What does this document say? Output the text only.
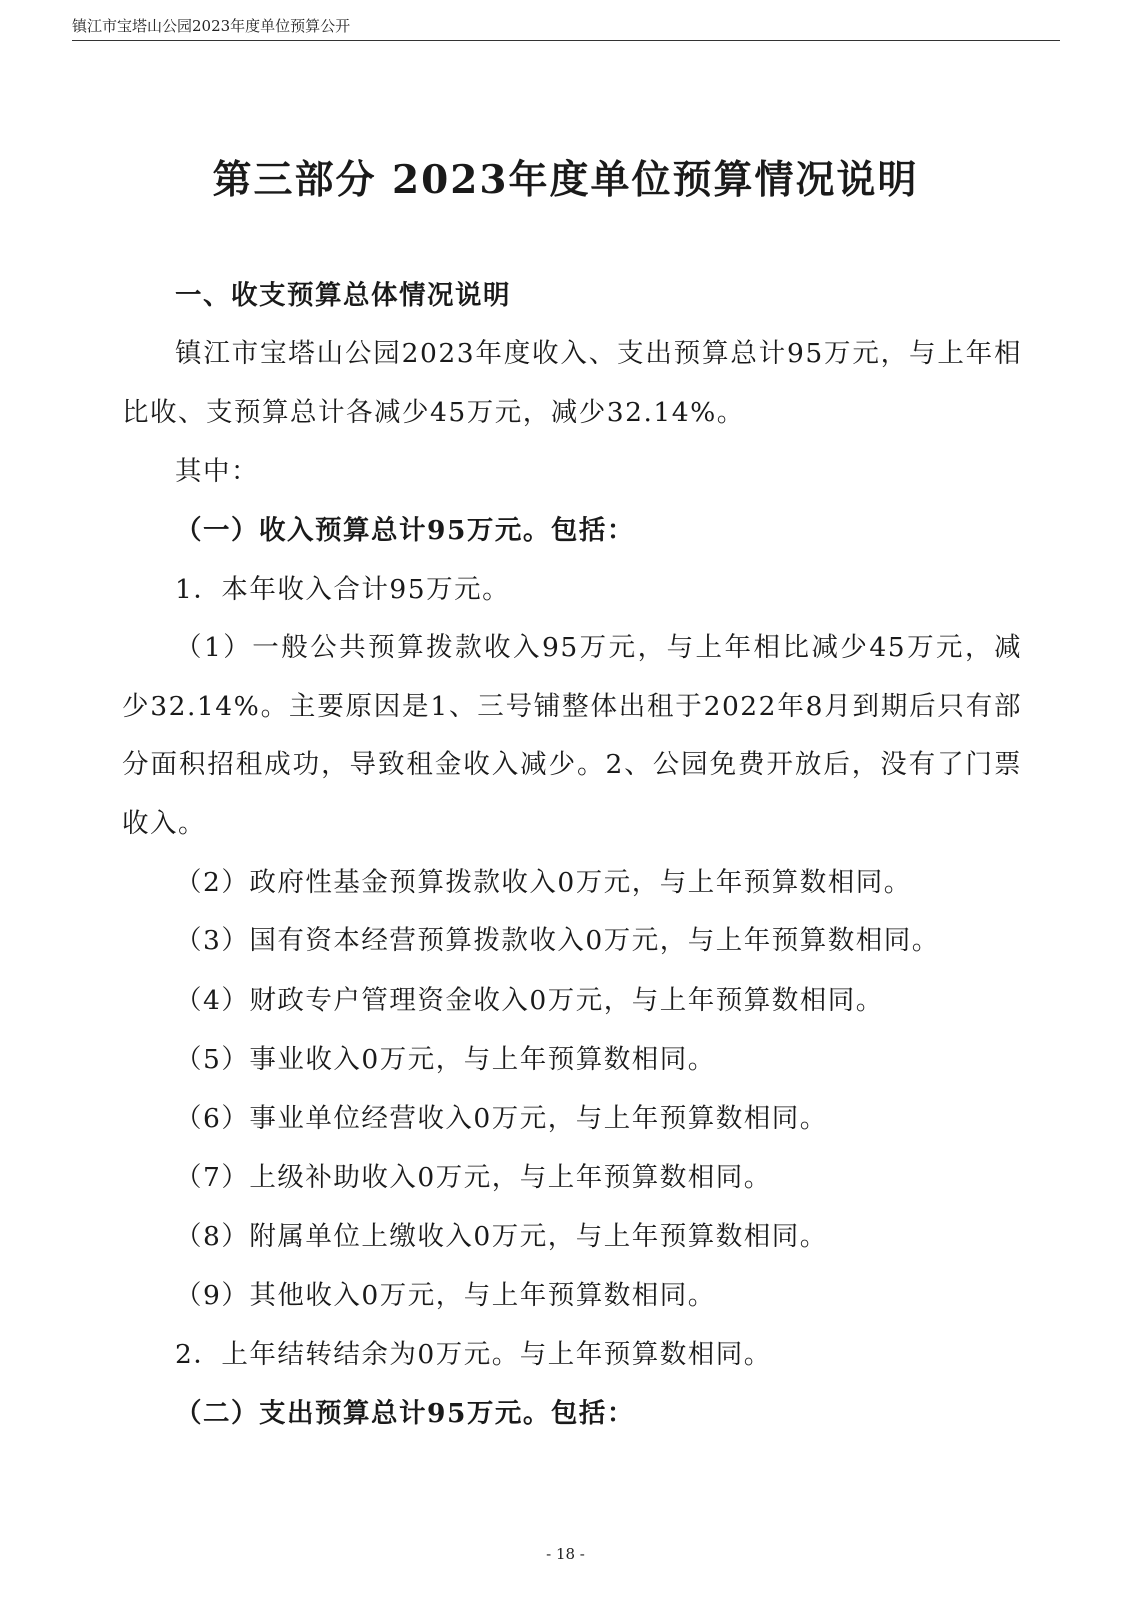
镇江市宝塔山公园2023年度单位预算公开
第三部分 2023年度单位预算情况说明

一、收支预算总体情况说明

镇江市宝塔山公园2023年度收入、支出预算总计95万元，与上年相比收、支预算总计各减少45万元，减少32.14%。

其中：

（一）收入预算总计95万元。包括：

1．本年收入合计95万元。

（1）一般公共预算拨款收入95万元，与上年相比减少45万元，减少32.14%。主要原因是1、三号铺整体出租于2022年8月到期后只有部分面积招租成功，导致租金收入减少。2、公园免费开放后，没有了门票收入。

（2）政府性基金预算拨款收入0万元，与上年预算数相同。

（3）国有资本经营预算拨款收入0万元，与上年预算数相同。

（4）财政专户管理资金收入0万元，与上年预算数相同。

（5）事业收入0万元，与上年预算数相同。

（6）事业单位经营收入0万元，与上年预算数相同。

（7）上级补助收入0万元，与上年预算数相同。

（8）附属单位上缴收入0万元，与上年预算数相同。

（9）其他收入0万元，与上年预算数相同。

2．上年结转结余为0万元。与上年预算数相同。

（二）支出预算总计95万元。包括：

- 18 -
